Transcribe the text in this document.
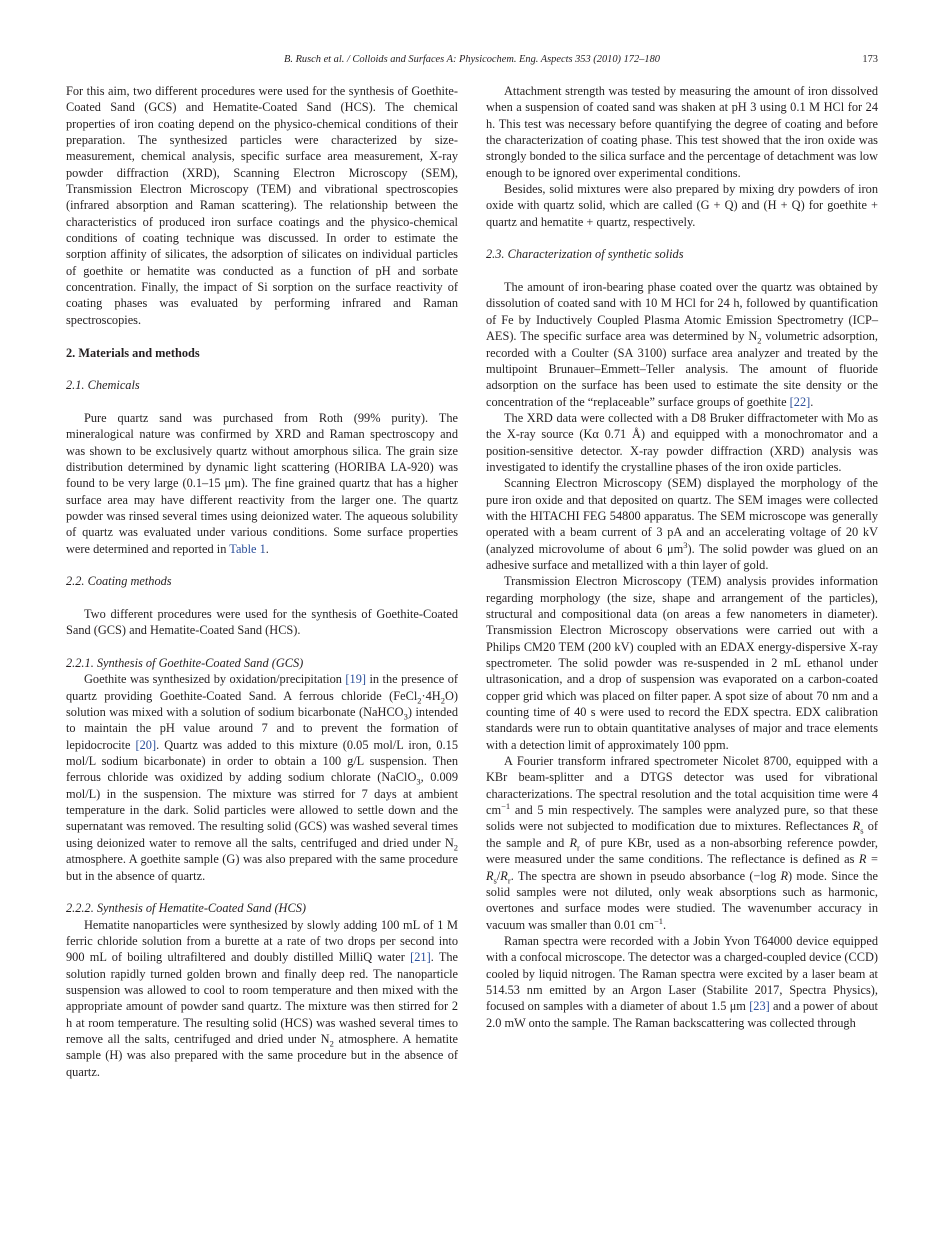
B. Rusch et al. / Colloids and Surfaces A: Physicochem. Eng. Aspects 353 (2010) 172–180	173

For this aim, two different procedures were used for the synthesis of Goethite-Coated Sand (GCS) and Hematite-Coated Sand (HCS). The chemical properties of iron coating depend on the physico-chemical conditions of their preparation. The synthesized particles were characterized by size-measurement, chemical analysis, specific surface area measurement, X-ray powder diffraction (XRD), Scanning Electron Microscopy (SEM), Transmission Electron Microscopy (TEM) and vibrational spectroscopies (infrared absorption and Raman scattering). The relationship between the characteristics of produced iron surface coatings and the physico-chemical conditions of coating technique was discussed. In order to estimate the sorption affinity of silicates, the adsorption of silicates on individual particles of goethite or hematite was conducted as a function of pH and sorbate concentration. Finally, the impact of Si sorption on the surface reactivity of coating phases was evaluated by performing infrared and Raman spectroscopies.

2. Materials and methods
2.1. Chemicals

Pure quartz sand was purchased from Roth (99% purity). The mineralogical nature was confirmed by XRD and Raman spectroscopy and was shown to be exclusively quartz without amorphous silica. The grain size distribution determined by dynamic light scattering (HORIBA LA-920) was found to be very large (0.1–15 μm). The fine grained quartz that has a higher surface area may have different reactivity from the larger one. The quartz powder was rinsed several times using deionized water. The aqueous solubility of quartz was evaluated under various conditions. Some surface properties were determined and reported in Table 1.

2.2. Coating methods

Two different procedures were used for the synthesis of Goethite-Coated Sand (GCS) and Hematite-Coated Sand (HCS).

2.2.1. Synthesis of Goethite-Coated Sand (GCS)

Goethite was synthesized by oxidation/precipitation [19] in the presence of quartz providing Goethite-Coated Sand. A ferrous chloride $(FeCl_2\cdot 4H_2O)$ solution was mixed with a solution of sodium bicarbonate (NaHCO$_3$) intended to maintain the pH value around 7 and to prevent the formation of lepidocrocite [20]. Quartz was added to this mixture (0.05 mol/L iron, 0.15 mol/L sodium bicarbonate) in order to obtain a 100 g/L suspension. Then ferrous chloride was oxidized by adding sodium chlorate (NaClO$_3$, 0.009 mol/L) in the suspension. The mixture was stirred for 7 days at ambient temperature in the dark. Solid particles were allowed to settle down and the supernatant was removed. The resulting solid (GCS) was washed several times using deionized water to remove all the salts, centrifuged and dried under $N_2$ atmosphere. A goethite sample (G) was also prepared with the same procedure but in the absence of quartz.

2.2.2. Synthesis of Hematite-Coated Sand (HCS)

Hematite nanoparticles were synthesized by slowly adding 100 mL of 1 M ferric chloride solution from a burette at a rate of two drops per second into 900 mL of boiling ultrafiltered and doubly distilled MilliQ water [21]. The solution rapidly turned golden brown and finally deep red. The nanoparticle suspension was allowed to cool to room temperature and then mixed with the appropriate amount of powder sand quartz. The mixture was then stirred for 2 h at room temperature. The resulting solid (HCS) was washed several times to remove all the salts, centrifuged and dried under $N_2$ atmosphere. A hematite sample (H) was also prepared with the same procedure but in the absence of quartz.

Attachment strength was tested by measuring the amount of iron dissolved when a suspension of coated sand was shaken at pH 3 using 0.1 M HCl for 24 h. This test was necessary before quantifying the degree of coating and before the characterization of coating phase. This test showed that the iron oxide was strongly bonded to the silica surface and the percentage of detachment was low enough to be ignored over experimental conditions.

Besides, solid mixtures were also prepared by mixing dry powders of iron oxide with quartz solid, which are called (G + Q) and (H + Q) for goethite + quartz and hematite + quartz, respectively.

2.3. Characterization of synthetic solids

The amount of iron-bearing phase coated over the quartz was obtained by dissolution of coated sand with 10 M HCl for 24 h, followed by quantification of Fe by Inductively Coupled Plasma Atomic Emission Spectrometry (ICP–AES). The specific surface area was determined by $N_2$ volumetric adsorption, recorded with a Coulter (SA 3100) surface area analyzer and treated by the multipoint Brunauer–Emmett–Teller analysis. The amount of fluoride adsorption on the surface has been used to estimate the site density or the concentration of the “replaceable” surface groups of goethite [22].

The XRD data were collected with a D8 Bruker diffractometer with Mo as the X-ray source (Kα 0.71 Å) and equipped with a monochromator and a position-sensitive detector. X-ray powder diffraction (XRD) analysis was investigated to identify the crystalline phases of the iron oxide particles.

Scanning Electron Microscopy (SEM) displayed the morphology of the pure iron oxide and that deposited on quartz. The SEM images were collected with the HITACHI FEG 54800 apparatus. The SEM microscope was generally operated with a beam current of 3 pA and an accelerating voltage of 20 kV (analyzed microvolume of about 6 $\mu m^3$). The solid powder was glued on an adhesive surface and metallized with a thin layer of gold.

Transmission Electron Microscopy (TEM) analysis provides information regarding morphology (the size, shape and arrangement of the particles), structural and compositional data (on areas a few nanometers in diameter). Transmission Electron Microscopy observations were carried out with a Philips CM20 TEM (200 kV) coupled with an EDAX energy-dispersive X-ray spectrometer. The solid powder was re-suspended in 2 mL ethanol under ultrasonication, and a drop of suspension was evaporated on a carbon-coated copper grid which was placed on filter paper. A spot size of about 70 nm and a counting time of 40 s were used to record the EDX spectra. EDX calibration standards were run to obtain quantitative analyses of major and trace elements with a detection limit of approximately 100 ppm.

A Fourier transform infrared spectrometer Nicolet 8700, equipped with a KBr beam-splitter and a DTGS detector was used for vibrational characterizations. The spectral resolution and the total acquisition time were 4 $cm^{-1}$ and 5 min respectively. The samples were analyzed pure, so that these solids were not subjected to modification due to mixtures. Reflectances $R_s$ of the sample and $R_r$ of pure KBr, used as a non-absorbing reference powder, were measured under the same conditions. The reflectance is defined as $R = R_s/R_r$. The spectra are shown in pseudo absorbance (−log R) mode. Since the solid samples were not diluted, only weak absorptions such as harmonic, overtones and surface modes were studied. The wavenumber accuracy in vacuum was smaller than 0.01 $cm^{-1}$.

Raman spectra were recorded with a Jobin Yvon T64000 device equipped with a confocal microscope. The detector was a charged-coupled device (CCD) cooled by liquid nitrogen. The Raman spectra were excited by a laser beam at 514.53 nm emitted by an Argon Laser (Stabilite 2017, Spectra Physics), focused on samples with a diameter of about 1.5 μm [23] and a power of about 2.0 mW onto the sample. The Raman backscattering was collected through
